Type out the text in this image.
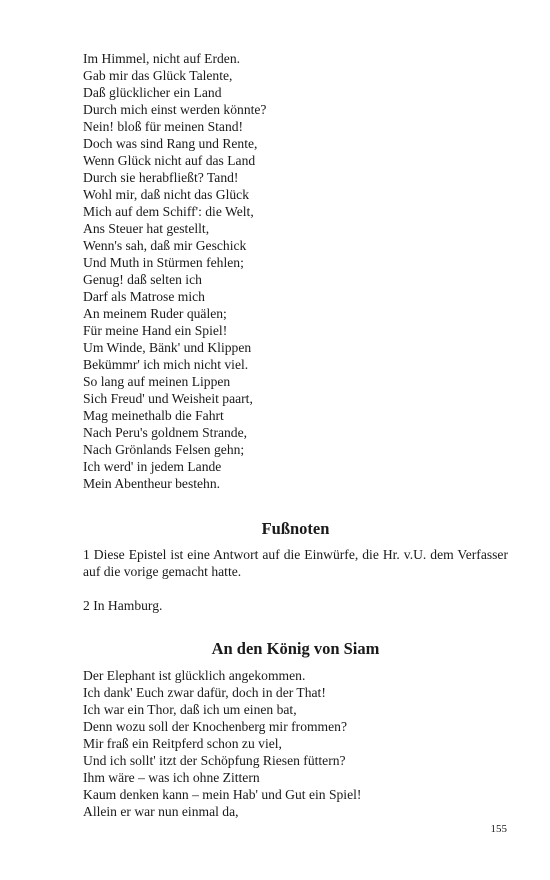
Im Himmel, nicht auf Erden.
Gab mir das Glück Talente,
Daß glücklicher ein Land
Durch mich einst werden könnte?
Nein! bloß für meinen Stand!
Doch was sind Rang und Rente,
Wenn Glück nicht auf das Land
Durch sie herabfließt? Tand!
Wohl mir, daß nicht das Glück
Mich auf dem Schiff': die Welt,
Ans Steuer hat gestellt,
Wenn's sah, daß mir Geschick
Und Muth in Stürmen fehlen;
Genug! daß selten ich
Darf als Matrose mich
An meinem Ruder quälen;
Für meine Hand ein Spiel!
Um Winde, Bänk' und Klippen
Bekümmr' ich mich nicht viel.
So lang auf meinen Lippen
Sich Freud' und Weisheit paart,
Mag meinethalb die Fahrt
Nach Peru's goldnem Strande,
Nach Grönlands Felsen gehn;
Ich werd' in jedem Lande
Mein Abentheur bestehn.
Fußnoten

1 Diese Epistel ist eine Antwort auf die Einwürfe, die Hr. v.U. dem Verfasser auf die vorige gemacht hatte.

2 In Hamburg.

An den König von Siam
Der Elephant ist glücklich angekommen.
Ich dank' Euch zwar dafür, doch in der That!
Ich war ein Thor, daß ich um einen bat,
Denn wozu soll der Knochenberg mir frommen?
Mir fraß ein Reitpferd schon zu viel,
Und ich sollt' itzt der Schöpfung Riesen füttern?
Ihm wäre – was ich ohne Zittern
Kaum denken kann – mein Hab' und Gut ein Spiel!
Allein er war nun einmal da,
155
